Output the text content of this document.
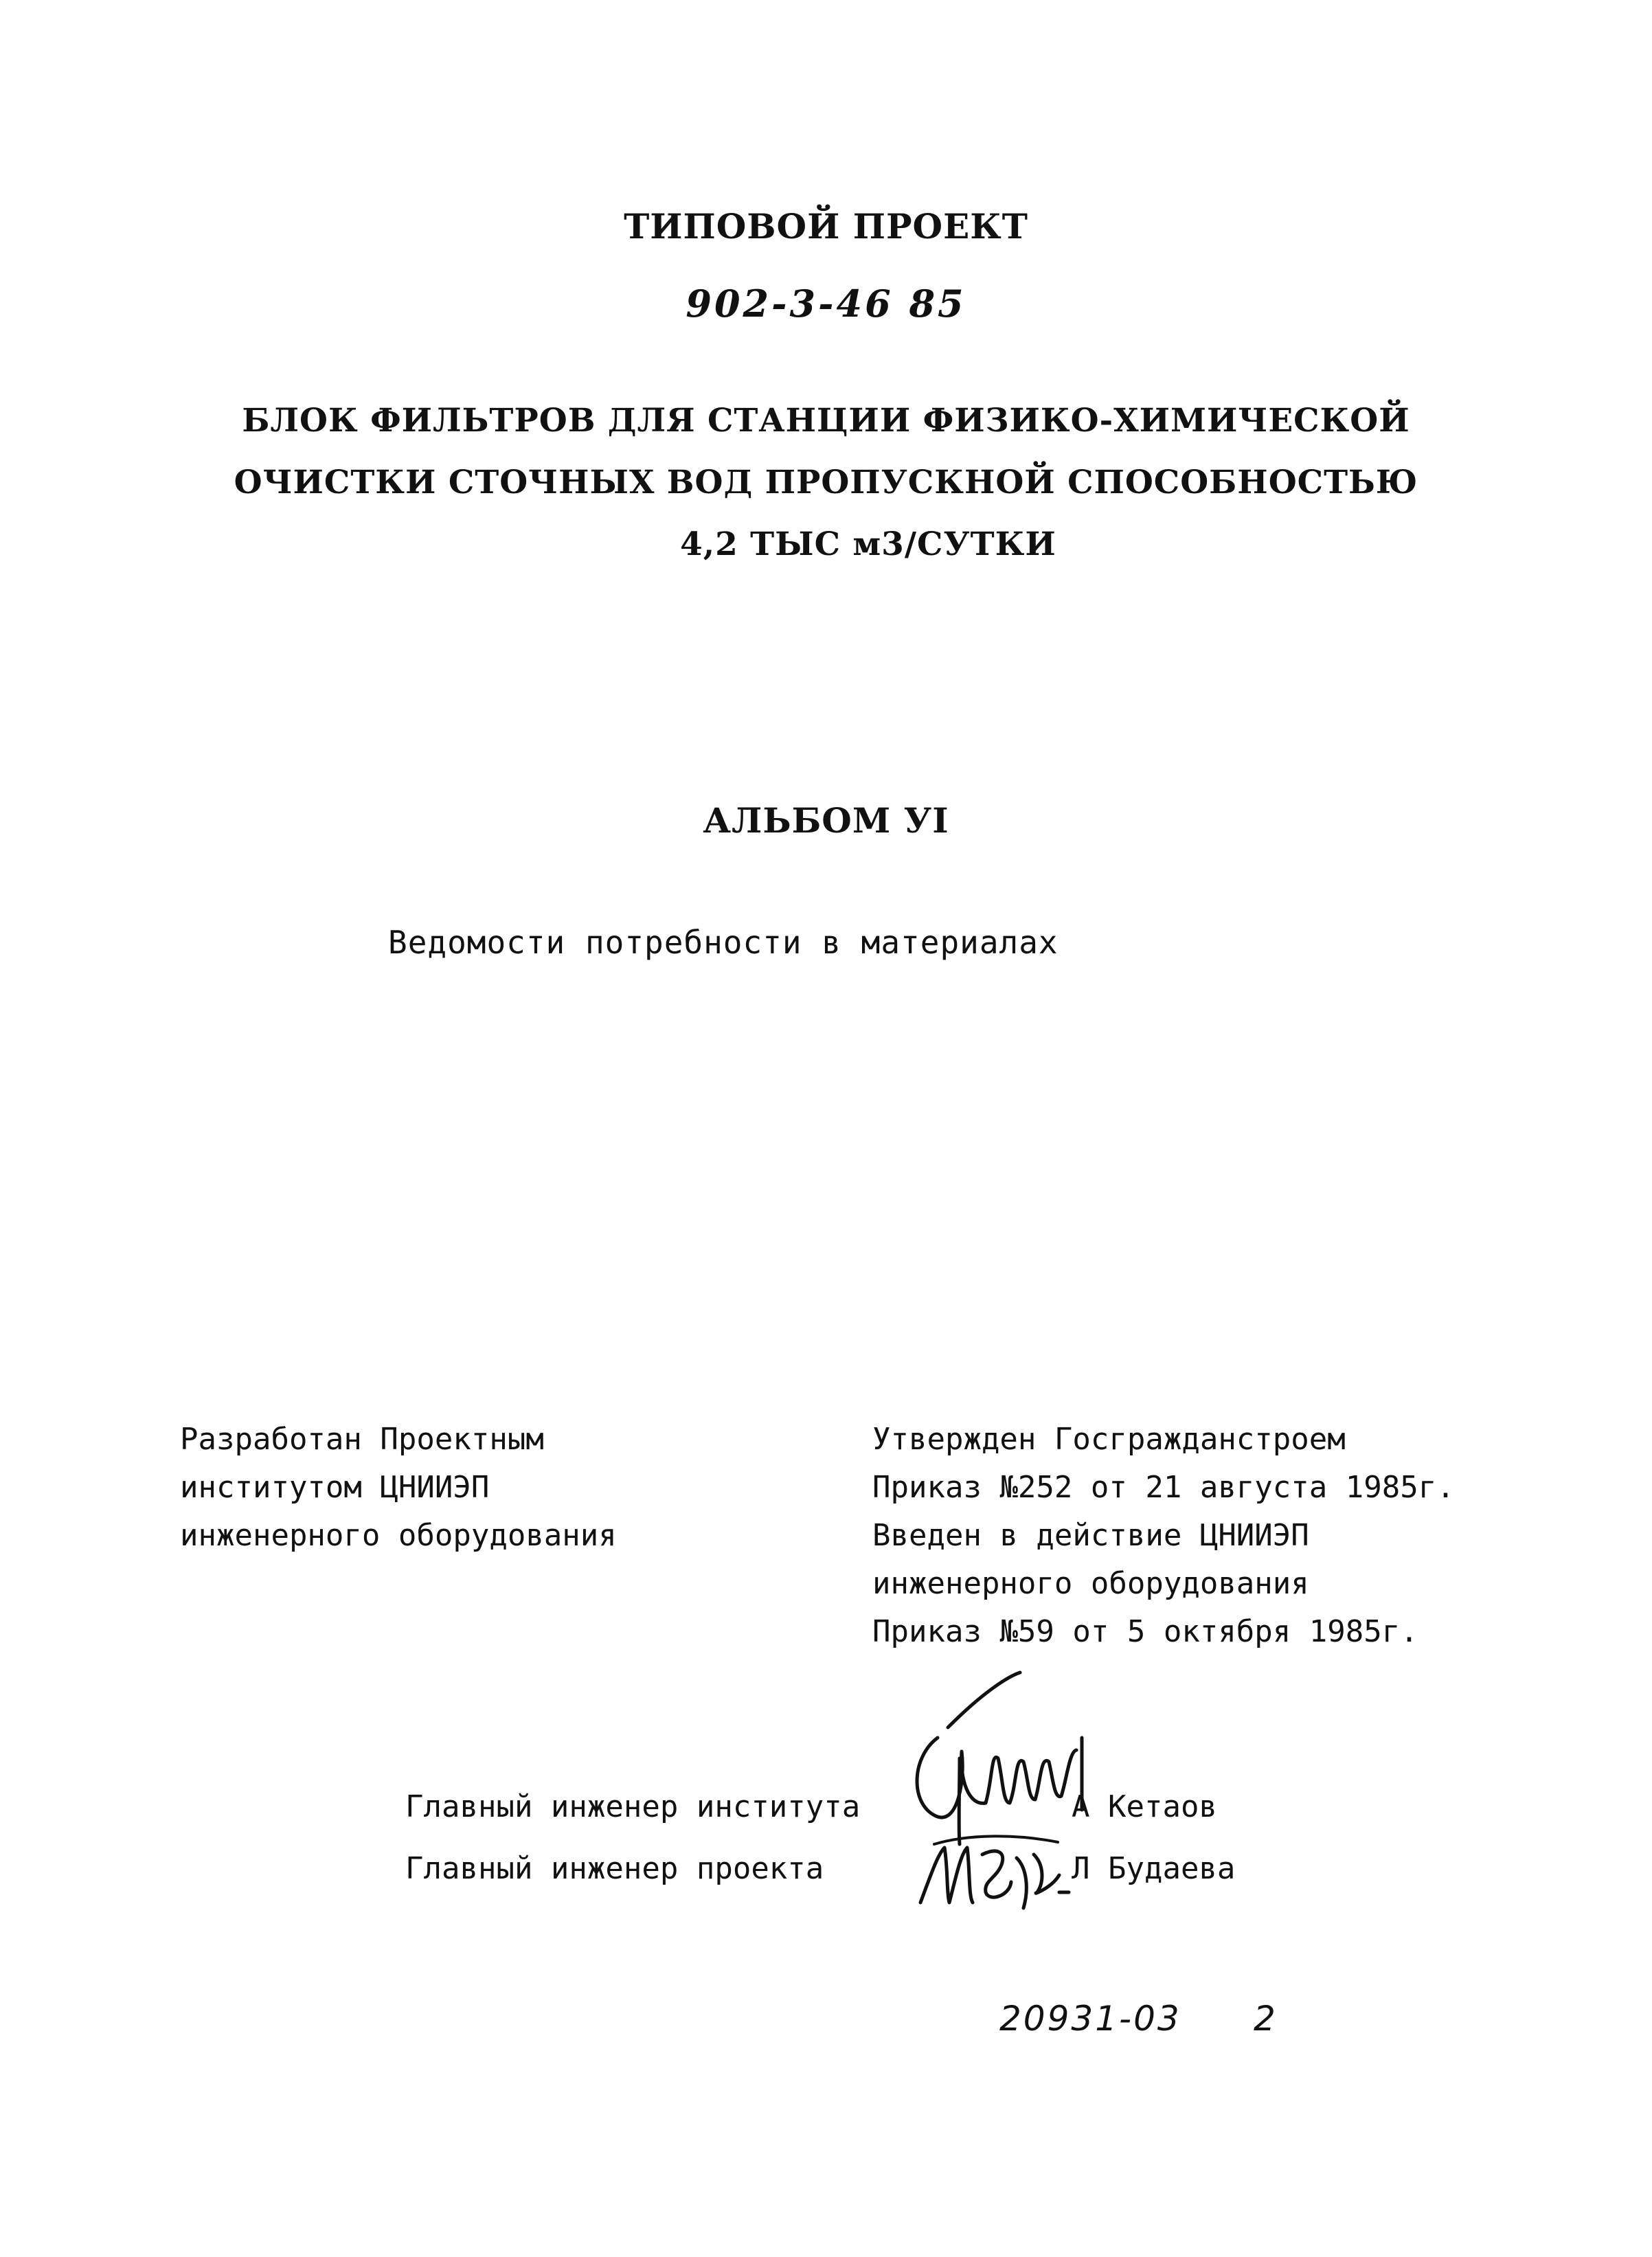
ТИПОВОЙ ПРОЕКТ
902-3-46 85
БЛОК ФИЛЬТРОВ ДЛЯ СТАНЦИИ ФИЗИКО-ХИМИЧЕСКОЙ
ОЧИСТКИ СТОЧНЫХ ВОД ПРОПУСКНОЙ СПОСОБНОСТЬЮ
4,2 ТЫС м3/СУТКИ
АЛЬБОМ УI
Ведомости потребности в материалах
Разработан Проектным
институтом ЦНИИЭП
инженерного оборудования
Утвержден Госгражданстроем
Приказ №252 от 21 августа 1985г.
Введен в действие ЦНИИЭП
инженерного оборудования
Приказ №59 от 5 октября 1985г.
Главный инженер института	А Кетаов
Главный инженер проекта	Л Будаева
20931-03 2
